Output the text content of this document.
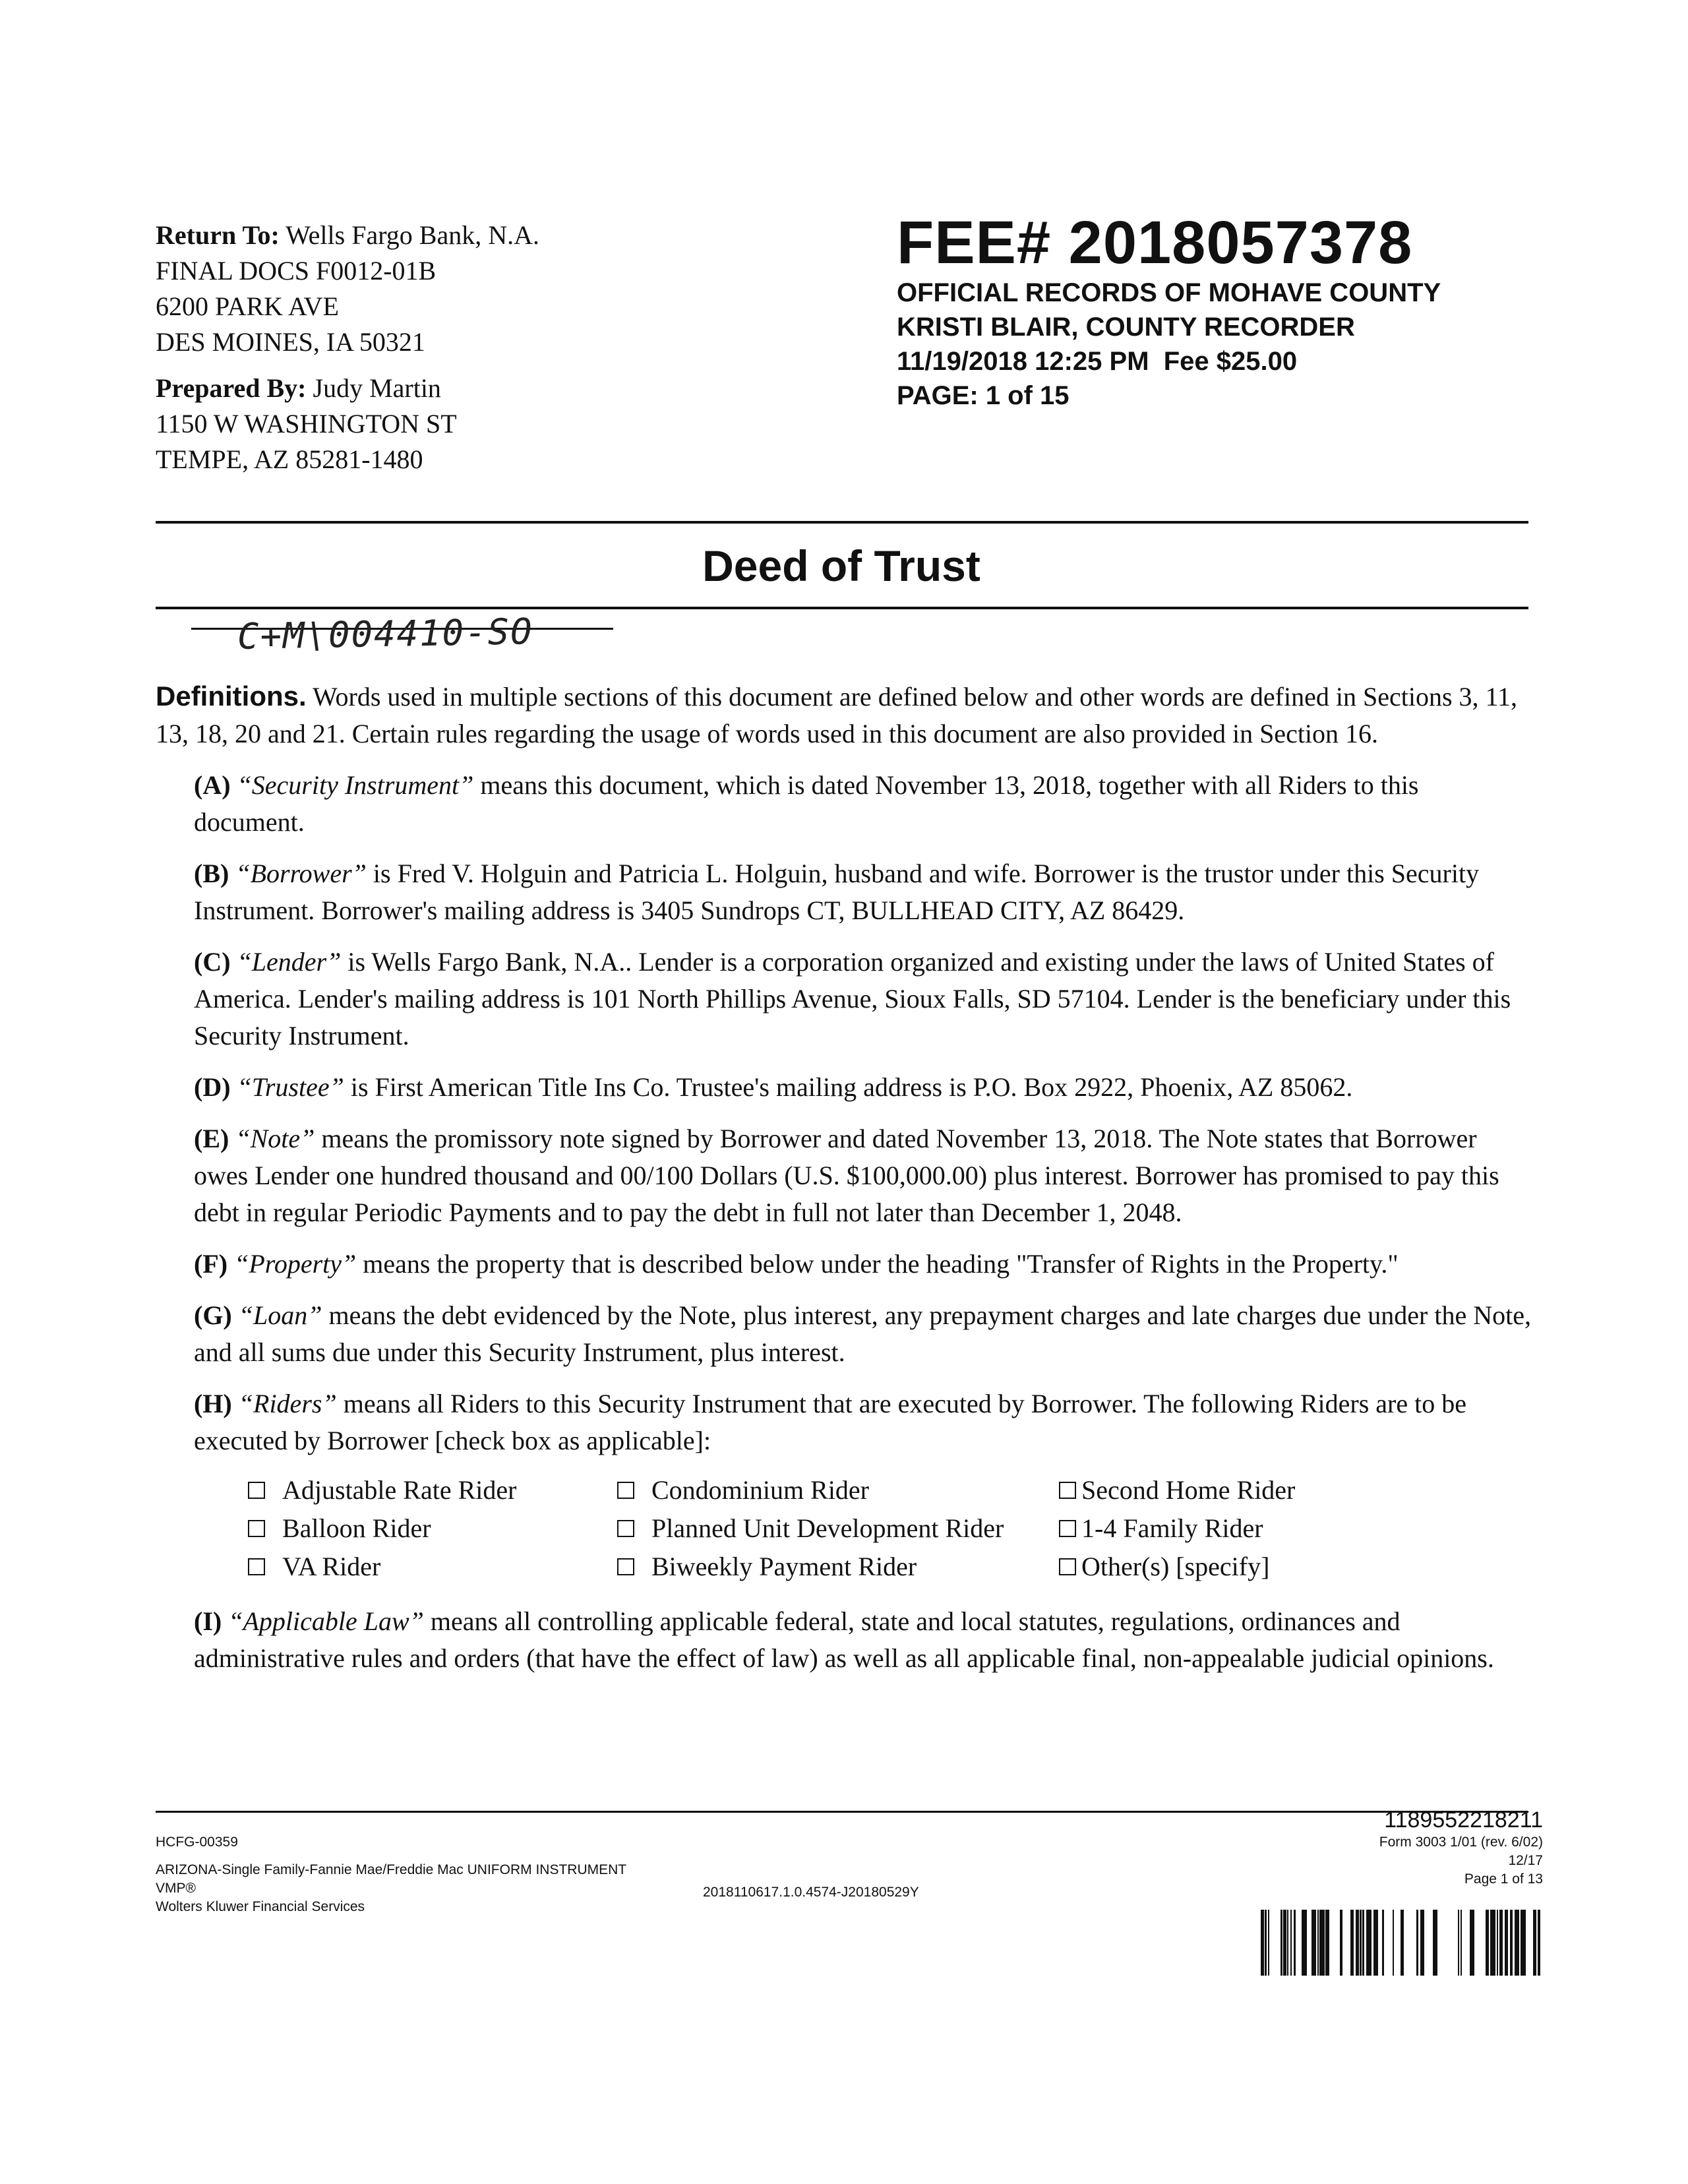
Return To: Wells Fargo Bank, N.A.
FINAL DOCS F0012-01B
6200 PARK AVE
DES MOINES, IA 50321
Prepared By: Judy Martin
1150 W WASHINGTON ST
TEMPE, AZ 85281-1480
FEE# 2018057378
OFFICIAL RECORDS OF MOHAVE COUNTY
KRISTI BLAIR, COUNTY RECORDER
11/19/2018 12:25 PM  Fee $25.00
PAGE: 1 of 15
Deed of Trust
C+M\004410-SO

Definitions. Words used in multiple sections of this document are defined below and other words are defined in Sections 3, 11, 13, 18, 20 and 21. Certain rules regarding the usage of words used in this document are also provided in Section 16.

(A) “Security Instrument” means this document, which is dated November 13, 2018, together with all Riders to this document.

(B) “Borrower” is Fred V. Holguin and Patricia L. Holguin, husband and wife. Borrower is the trustor under this Security Instrument. Borrower's mailing address is 3405 Sundrops CT, BULLHEAD CITY, AZ 86429.

(C) “Lender” is Wells Fargo Bank, N.A.. Lender is a corporation organized and existing under the laws of United States of America. Lender's mailing address is 101 North Phillips Avenue, Sioux Falls, SD 57104. Lender is the beneficiary under this Security Instrument.

(D) “Trustee” is First American Title Ins Co. Trustee's mailing address is P.O. Box 2922, Phoenix, AZ 85062.

(E) “Note” means the promissory note signed by Borrower and dated November 13, 2018. The Note states that Borrower owes Lender one hundred thousand and 00/100 Dollars (U.S. $100,000.00) plus interest. Borrower has promised to pay this debt in regular Periodic Payments and to pay the debt in full not later than December 1, 2048.

(F) “Property” means the property that is described below under the heading "Transfer of Rights in the Property."

(G) “Loan” means the debt evidenced by the Note, plus interest, any prepayment charges and late charges due under the Note, and all sums due under this Security Instrument, plus interest.

(H) “Riders” means all Riders to this Security Instrument that are executed by Borrower. The following Riders are to be executed by Borrower [check box as applicable]:

Adjustable Rate Rider	Condominium Rider	Second Home Rider
Balloon Rider	Planned Unit Development Rider	1-4 Family Rider
VA Rider	Biweekly Payment Rider	Other(s) [specify]

(I) “Applicable Law” means all controlling applicable federal, state and local statutes, regulations, ordinances and administrative rules and orders (that have the effect of law) as well as all applicable final, non-appealable judicial opinions.

HCFG-00359
ARIZONA-Single Family-Fannie Mae/Freddie Mac UNIFORM INSTRUMENT
VMP®
Wolters Kluwer Financial Services
2018110617.1.0.4574-J20180529Y
1189552218211
Form 3003 1/01 (rev. 6/02)
12/17
Page 1 of 13
